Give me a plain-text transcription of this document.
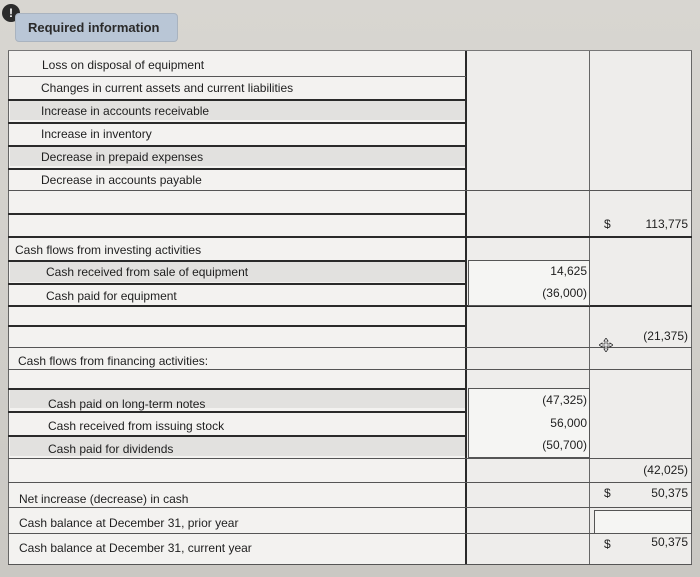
!
Required information
Loss on disposal of equipment
Changes in current assets and current liabilities
Increase in accounts receivable
Increase in inventory
Decrease in prepaid expenses
Decrease in accounts payable
$	113,775
Cash flows from investing activities
Cash received from sale of equipment	14,625
Cash paid for equipment	(36,000)
(21,375)
Cash flows from financing activities:
Cash paid on long-term notes	(47,325)
Cash received from issuing stock	56,000
Cash paid for dividends	(50,700)
(42,025)
Net increase (decrease) in cash	$	50,375
Cash balance at December 31, prior year
Cash balance at December 31, current year	$	50,375
